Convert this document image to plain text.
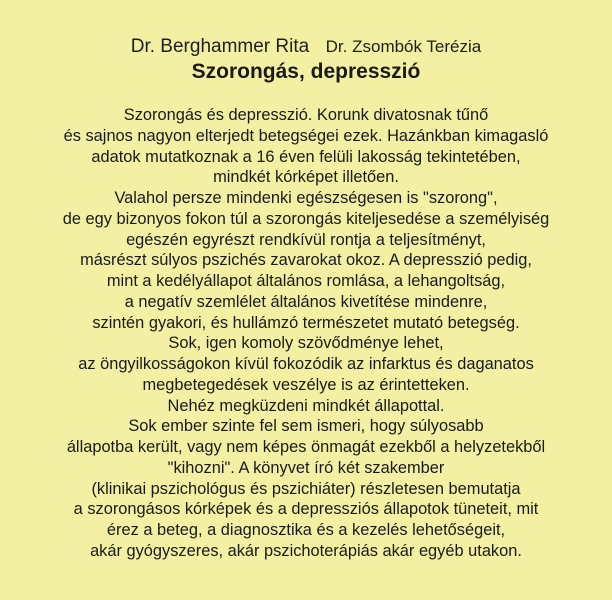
Dr. Berghammer Rita Dr. Zsombók Terézia
Szorongás, depresszió
Szorongás és depresszió. Korunk divatosnak tűnő
és sajnos nagyon elterjedt betegségei ezek. Hazánkban kimagasló
adatok mutatkoznak a 16 éven felüli lakosság tekintetében,
mindkét kórképet illetően.
Valahol persze mindenki egészségesen is "szorong",
de egy bizonyos fokon túl a szorongás kiteljesedése a személyiség
egészén egyrészt rendkívül rontja a teljesítményt,
másrészt súlyos pszichés zavarokat okoz. A depresszió pedig,
mint a kedélyállapot általános romlása, a lehangoltság,
a negatív szemlélet általános kivetítése mindenre,
szintén gyakori, és hullámzó természetet mutató betegség.
Sok, igen komoly szövődménye lehet,
az öngyilkosságokon kívül fokozódik az infarktus és daganatos
megbetegedések veszélye is az érintetteken.
Nehéz megküzdeni mindkét állapottal.
Sok ember szinte fel sem ismeri, hogy súlyosabb
állapotba került, vagy nem képes önmagát ezekből a helyzetekből
"kihozni". A könyvet író két szakember
(klinikai pszichológus és pszichiáter) részletesen bemutatja
a szorongásos kórképek és a depressziós állapotok tüneteit, mit
érez a beteg, a diagnosztika és a kezelés lehetőségeit,
akár gyógyszeres, akár pszichoterápiás akár egyéb utakon.
